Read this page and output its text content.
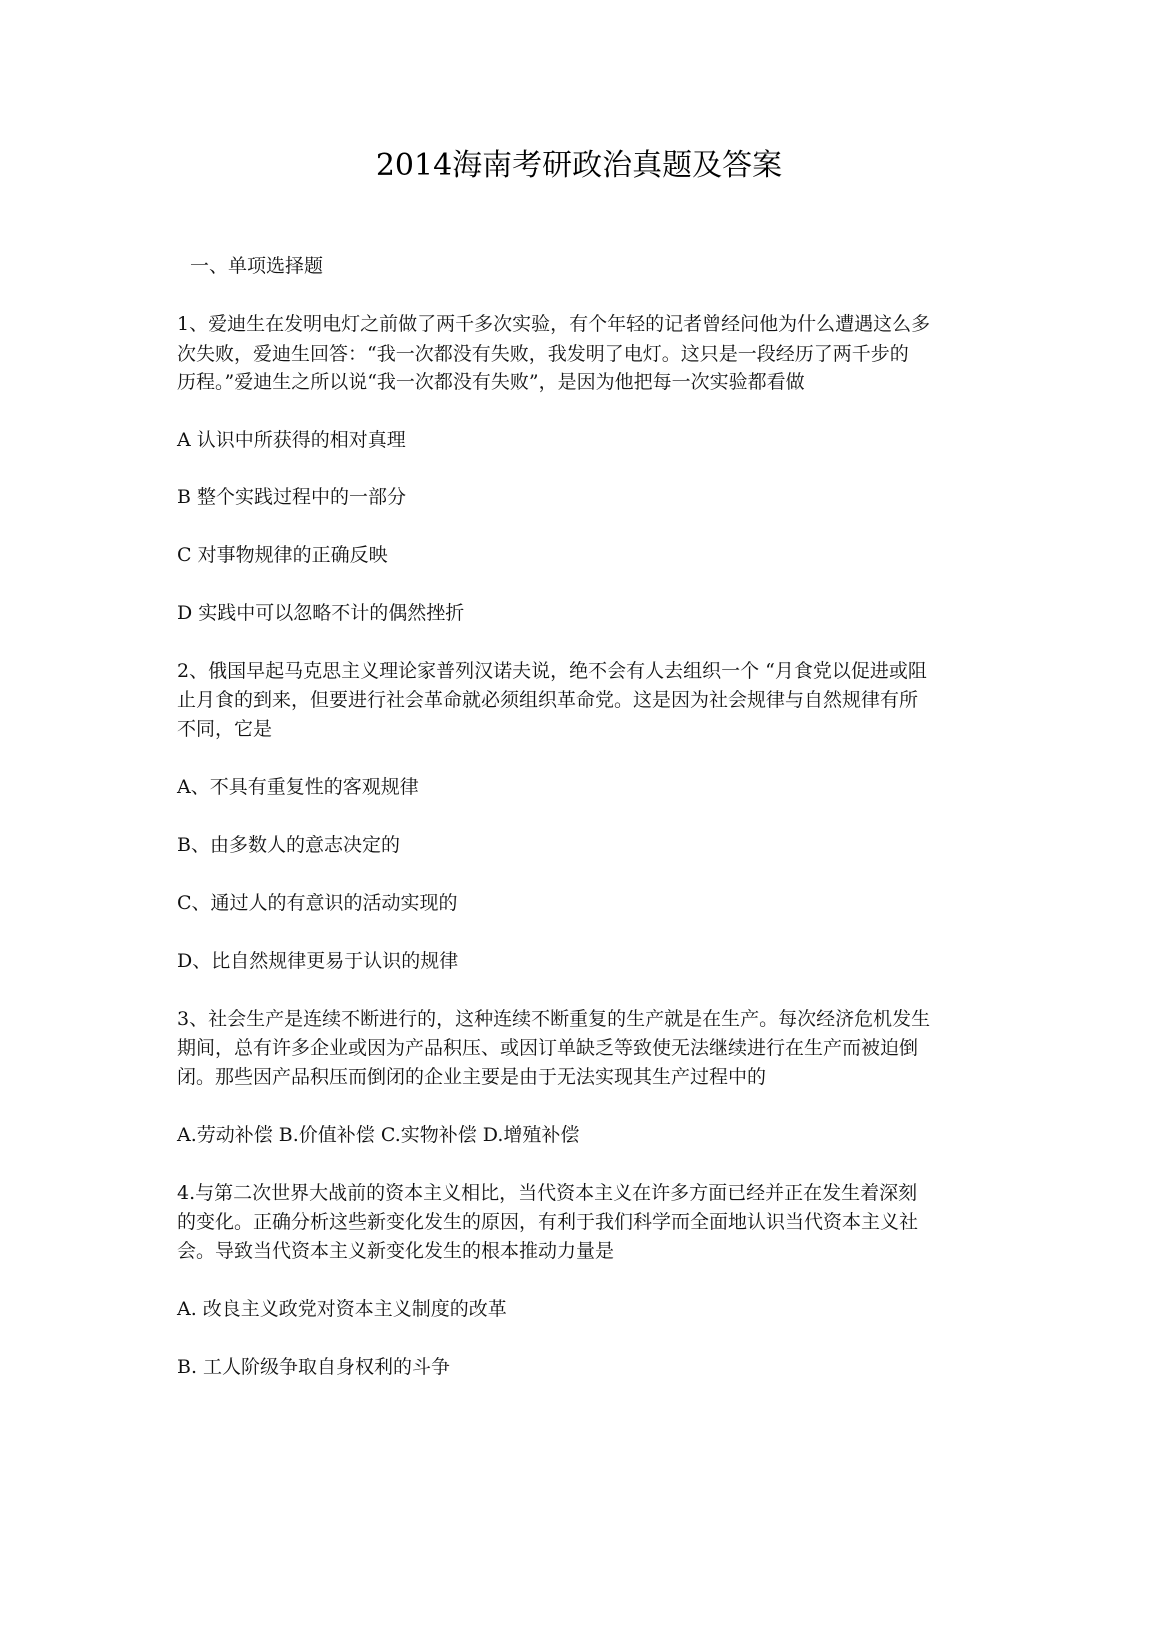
2014海南考研政治真题及答案
一、单项选择题
1、爱迪生在发明电灯之前做了两千多次实验，有个年轻的记者曾经问他为什么遭遇这么多
次失败，爱迪生回答：“我一次都没有失败，我发明了电灯。这只是一段经历了两千步的
历程。”爱迪生之所以说“我一次都没有失败”，是因为他把每一次实验都看做
A 认识中所获得的相对真理
B 整个实践过程中的一部分
C 对事物规律的正确反映
D 实践中可以忽略不计的偶然挫折
2、俄国早起马克思主义理论家普列汉诺夫说，绝不会有人去组织一个 “月食党以促进或阻
止月食的到来，但要进行社会革命就必须组织革命党。这是因为社会规律与自然规律有所
不同，它是
A、不具有重复性的客观规律
B、由多数人的意志决定的
C、通过人的有意识的活动实现的
D、比自然规律更易于认识的规律
3、社会生产是连续不断进行的，这种连续不断重复的生产就是在生产。每次经济危机发生
期间，总有许多企业或因为产品积压、或因订单缺乏等致使无法继续进行在生产而被迫倒
闭。那些因产品积压而倒闭的企业主要是由于无法实现其生产过程中的
A.劳动补偿 B.价值补偿 C.实物补偿 D.增殖补偿
4.与第二次世界大战前的资本主义相比，当代资本主义在许多方面已经并正在发生着深刻
的变化。正确分析这些新变化发生的原因，有利于我们科学而全面地认识当代资本主义社
会。导致当代资本主义新变化发生的根本推动力量是
A. 改良主义政党对资本主义制度的改革
B. 工人阶级争取自身权利的斗争
